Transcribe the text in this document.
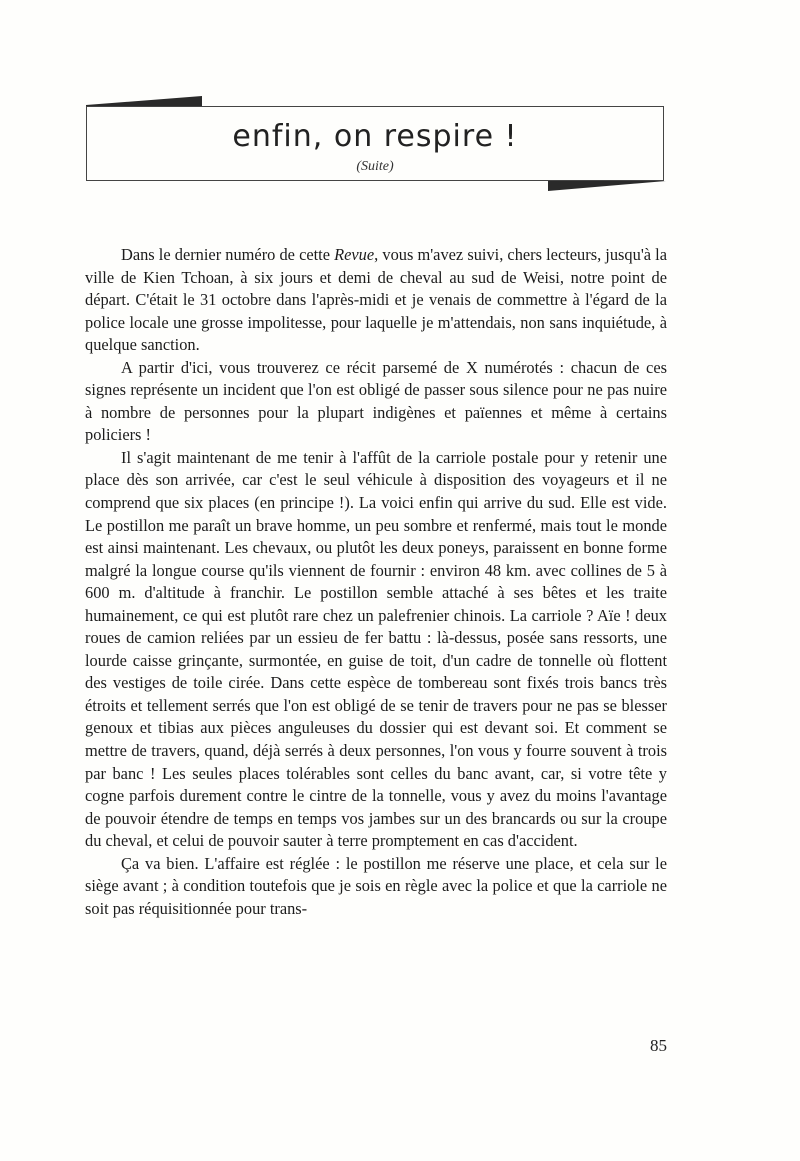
enfin, on respire !
(Suite)

Dans le dernier numéro de cette Revue, vous m'avez suivi, chers lecteurs, jusqu'à la ville de Kien Tchoan, à six jours et demi de cheval au sud de Weisi, notre point de départ. C'était le 31 octobre dans l'après-midi et je venais de commettre à l'égard de la police locale une grosse impolitesse, pour laquelle je m'attendais, non sans inquiétude, à quelque sanction.

A partir d'ici, vous trouverez ce récit parsemé de X numérotés : chacun de ces signes représente un incident que l'on est obligé de passer sous silence pour ne pas nuire à nombre de personnes pour la plupart indigènes et païennes et même à certains policiers !

Il s'agit maintenant de me tenir à l'affût de la carriole postale pour y retenir une place dès son arrivée, car c'est le seul véhicule à disposition des voyageurs et il ne comprend que six places (en principe !). La voici enfin qui arrive du sud. Elle est vide. Le postillon me paraît un brave homme, un peu sombre et renfermé, mais tout le monde est ainsi maintenant. Les chevaux, ou plutôt les deux poneys, paraissent en bonne forme malgré la longue course qu'ils viennent de fournir : environ 48 km. avec collines de 5 à 600 m. d'altitude à franchir. Le postillon semble attaché à ses bêtes et les traite humainement, ce qui est plutôt rare chez un palefrenier chinois. La carriole ? Aïe ! deux roues de camion reliées par un essieu de fer battu : là-dessus, posée sans ressorts, une lourde caisse grinçante, surmontée, en guise de toit, d'un cadre de tonnelle où flottent des vestiges de toile cirée. Dans cette espèce de tombereau sont fixés trois bancs très étroits et tellement serrés que l'on est obligé de se tenir de travers pour ne pas se blesser genoux et tibias aux pièces anguleuses du dossier qui est devant soi. Et comment se mettre de travers, quand, déjà serrés à deux personnes, l'on vous y fourre souvent à trois par banc ! Les seules places tolérables sont celles du banc avant, car, si votre tête y cogne parfois durement contre le cintre de la tonnelle, vous y avez du moins l'avantage de pouvoir étendre de temps en temps vos jambes sur un des brancards ou sur la croupe du cheval, et celui de pouvoir sauter à terre promptement en cas d'accident.

Ça va bien. L'affaire est réglée : le postillon me réserve une place, et cela sur le siège avant ; à condition toutefois que je sois en règle avec la police et que la carriole ne soit pas réquisitionnée pour trans-

85
